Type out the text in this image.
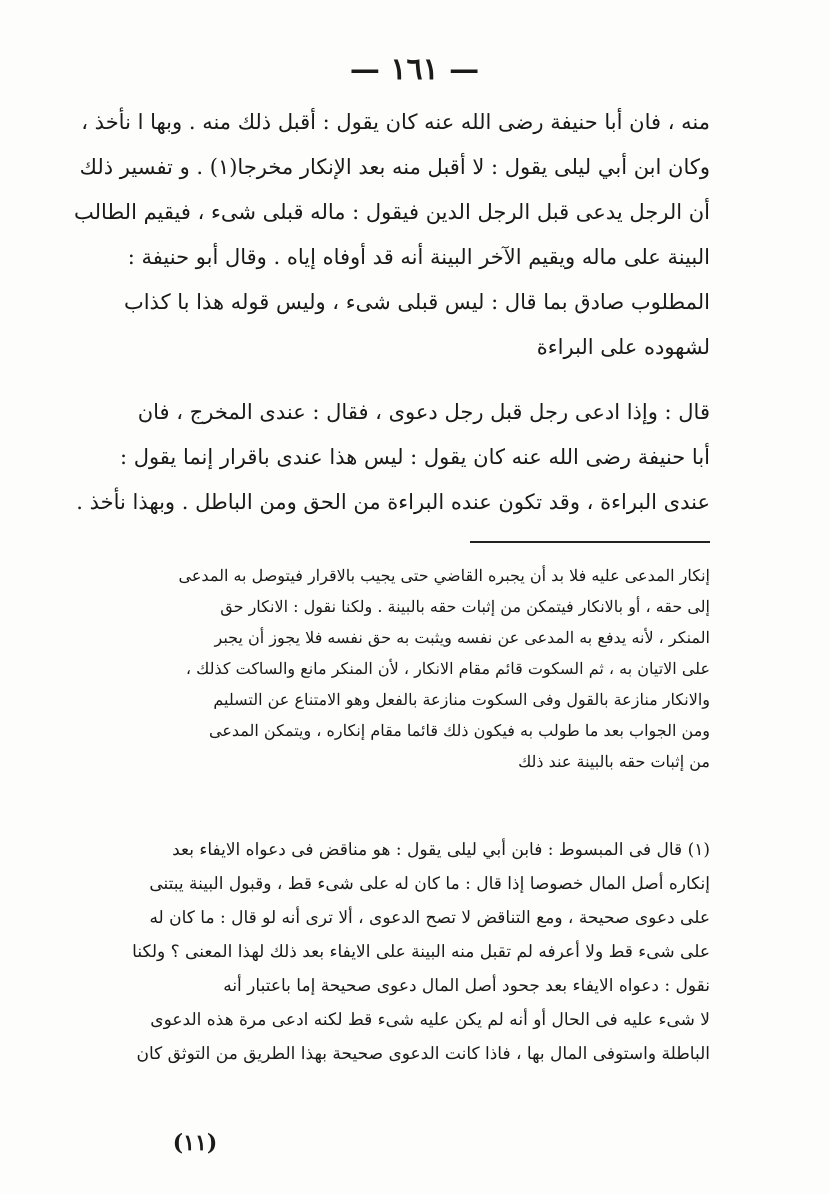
— ١٦١ —
منه ، فان أبا حنيفة رضى الله عنه كان يقول : أقبل ذلك منه . وبها ا نأخذ ،
وكان ابن أبي ليلى يقول : لا أقبل منه بعد الإنكار مخرجا(١) . و تفسير ذلك
أن الرجل يدعى قبل الرجل الدين فيقول : ماله قبلى شىء ، فيقيم الطالب
البينة على ماله ويقيم الآخر البينة أنه قد أوفاه إياه . وقال أبو حنيفة :
المطلوب صادق بما قال : ليس قبلى شىء ، وليس قوله هذا با كذاب
لشهوده على البراءة
قال : وإذا ادعى رجل قبل رجل دعوى ، فقال : عندى المخرج ، فان
أبا حنيفة رضى الله عنه كان يقول : ليس هذا عندى باقرار إنما يقول :
عندى البراءة ، وقد تكون عنده البراءة من الحق ومن الباطل . وبهذا نأخذ .
إنكار المدعى عليه فلا بد أن يجبره القاضي حتى يجيب بالاقرار فيتوصل به المدعى
إلى حقه ، أو بالانكار فيتمكن من إثبات حقه بالبينة . ولكنا نقول : الانكار حق
المنكر ، لأنه يدفع به المدعى عن نفسه ويثبت به حق نفسه فلا يجوز أن يجبر
على الاتيان به ، ثم السكوت قائم مقام الانكار ، لأن المنكر مانع والساكت كذلك ،
والانكار منازعة بالقول وفى السكوت منازعة بالفعل وهو الامتناع عن التسليم
ومن الجواب بعد ما طولب به فيكون ذلك قائما مقام إنكاره ، ويتمكن المدعى
من إثبات حقه بالبينة عند ذلك
(١) قال فى المبسوط : فابن أبي ليلى يقول : هو مناقض فى دعواه الايفاء بعد
إنكاره أصل المال خصوصا إذا قال : ما كان له على شىء قط ، وقبول البينة يبتنى
على دعوى صحيحة ، ومع التناقض لا تصح الدعوى ، ألا ترى أنه لو قال : ما كان له
على شىء قط ولا أعرفه لم تقبل منه البينة على الايفاء بعد ذلك لهذا المعنى ؟ ولكنا
نقول : دعواه الايفاء بعد جحود أصل المال دعوى صحيحة إما باعتبار أنه
لا شىء عليه فى الحال أو أنه لم يكن عليه شىء قط لكنه ادعى مرة هذه الدعوى
الباطلة واستوفى المال بها ، فاذا كانت الدعوى صحيحة بهذا الطريق من التوثق كان
(١١)
